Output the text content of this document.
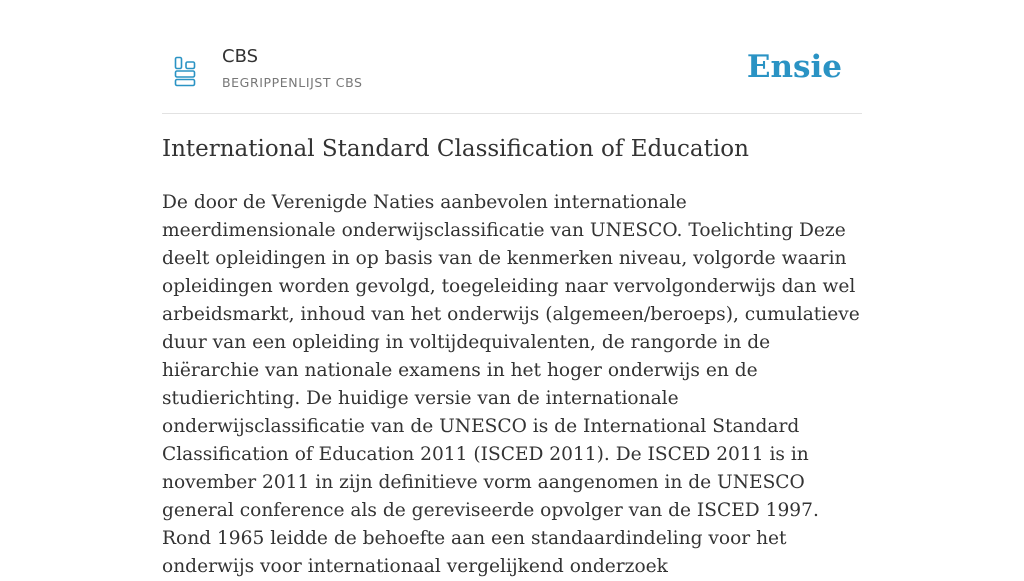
CBS
BEGRIPPENLIJST CBS	Ensie
International Standard Classification of Education

De door de Verenigde Naties aanbevolen internationale meerdimensionale onderwijsclassificatie van UNESCO. Toelichting Deze deelt opleidingen in op basis van de kenmerken niveau, volgorde waarin opleidingen worden gevolgd, toegeleiding naar vervolgonderwijs dan wel arbeidsmarkt, inhoud van het onderwijs (algemeen/beroeps), cumulatieve duur van een opleiding in voltijdequivalenten, de rangorde in de hiërarchie van nationale examens in het hoger onderwijs en de studierichting. De huidige versie van de internationale onderwijsclassificatie van de UNESCO is de International Standard Classification of Education 2011 (ISCED 2011). De ISCED 2011 is in november 2011 in zijn definitieve vorm aangenomen in de UNESCO general conference als de gereviseerde opvolger van de ISCED 1997. Rond 1965 leidde de behoefte aan een standaardindeling voor het onderwijs voor internationaal vergelijkend onderzoek
